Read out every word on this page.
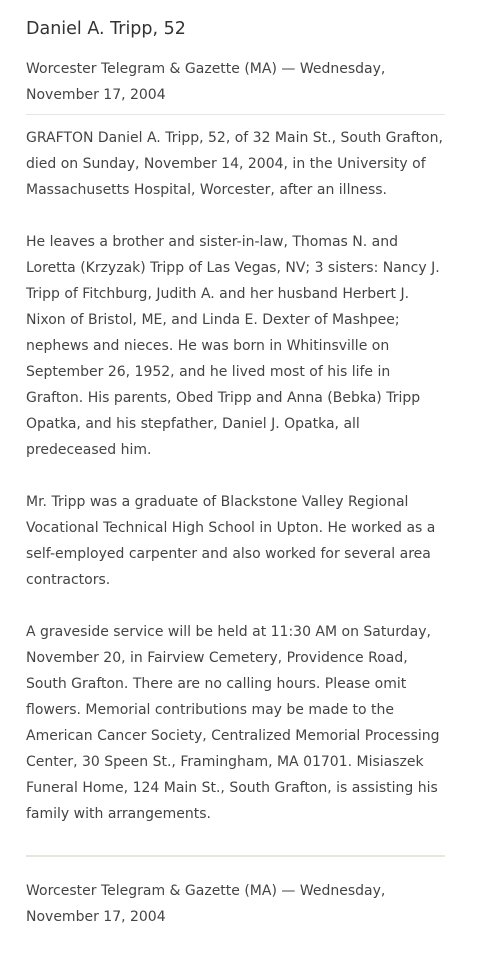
Daniel A. Tripp, 52
Worcester Telegram & Gazette (MA) — Wednesday,
November 17, 2004

GRAFTON Daniel A. Tripp, 52, of 32 Main St., South Grafton, died on Sunday, November 14, 2004, in the University of Massachusetts Hospital, Worcester, after an illness.

He leaves a brother and sister-in-law, Thomas N. and Loretta (Krzyzak) Tripp of Las Vegas, NV; 3 sisters: Nancy J. Tripp of Fitchburg, Judith A. and her husband Herbert J. Nixon of Bristol, ME, and Linda E. Dexter of Mashpee; nephews and nieces. He was born in Whitinsville on September 26, 1952, and he lived most of his life in Grafton. His parents, Obed Tripp and Anna (Bebka) Tripp Opatka, and his stepfather, Daniel J. Opatka, all predeceased him.

Mr. Tripp was a graduate of Blackstone Valley Regional Vocational Technical High School in Upton. He worked as a self-employed carpenter and also worked for several area contractors.

A graveside service will be held at 11:30 AM on Saturday, November 20, in Fairview Cemetery, Providence Road, South Grafton. There are no calling hours. Please omit flowers. Memorial contributions may be made to the American Cancer Society, Centralized Memorial Processing Center, 30 Speen St., Framingham, MA 01701. Misiaszek Funeral Home, 124 Main St., South Grafton, is assisting his family with arrangements.

Worcester Telegram & Gazette (MA) — Wednesday,
November 17, 2004
